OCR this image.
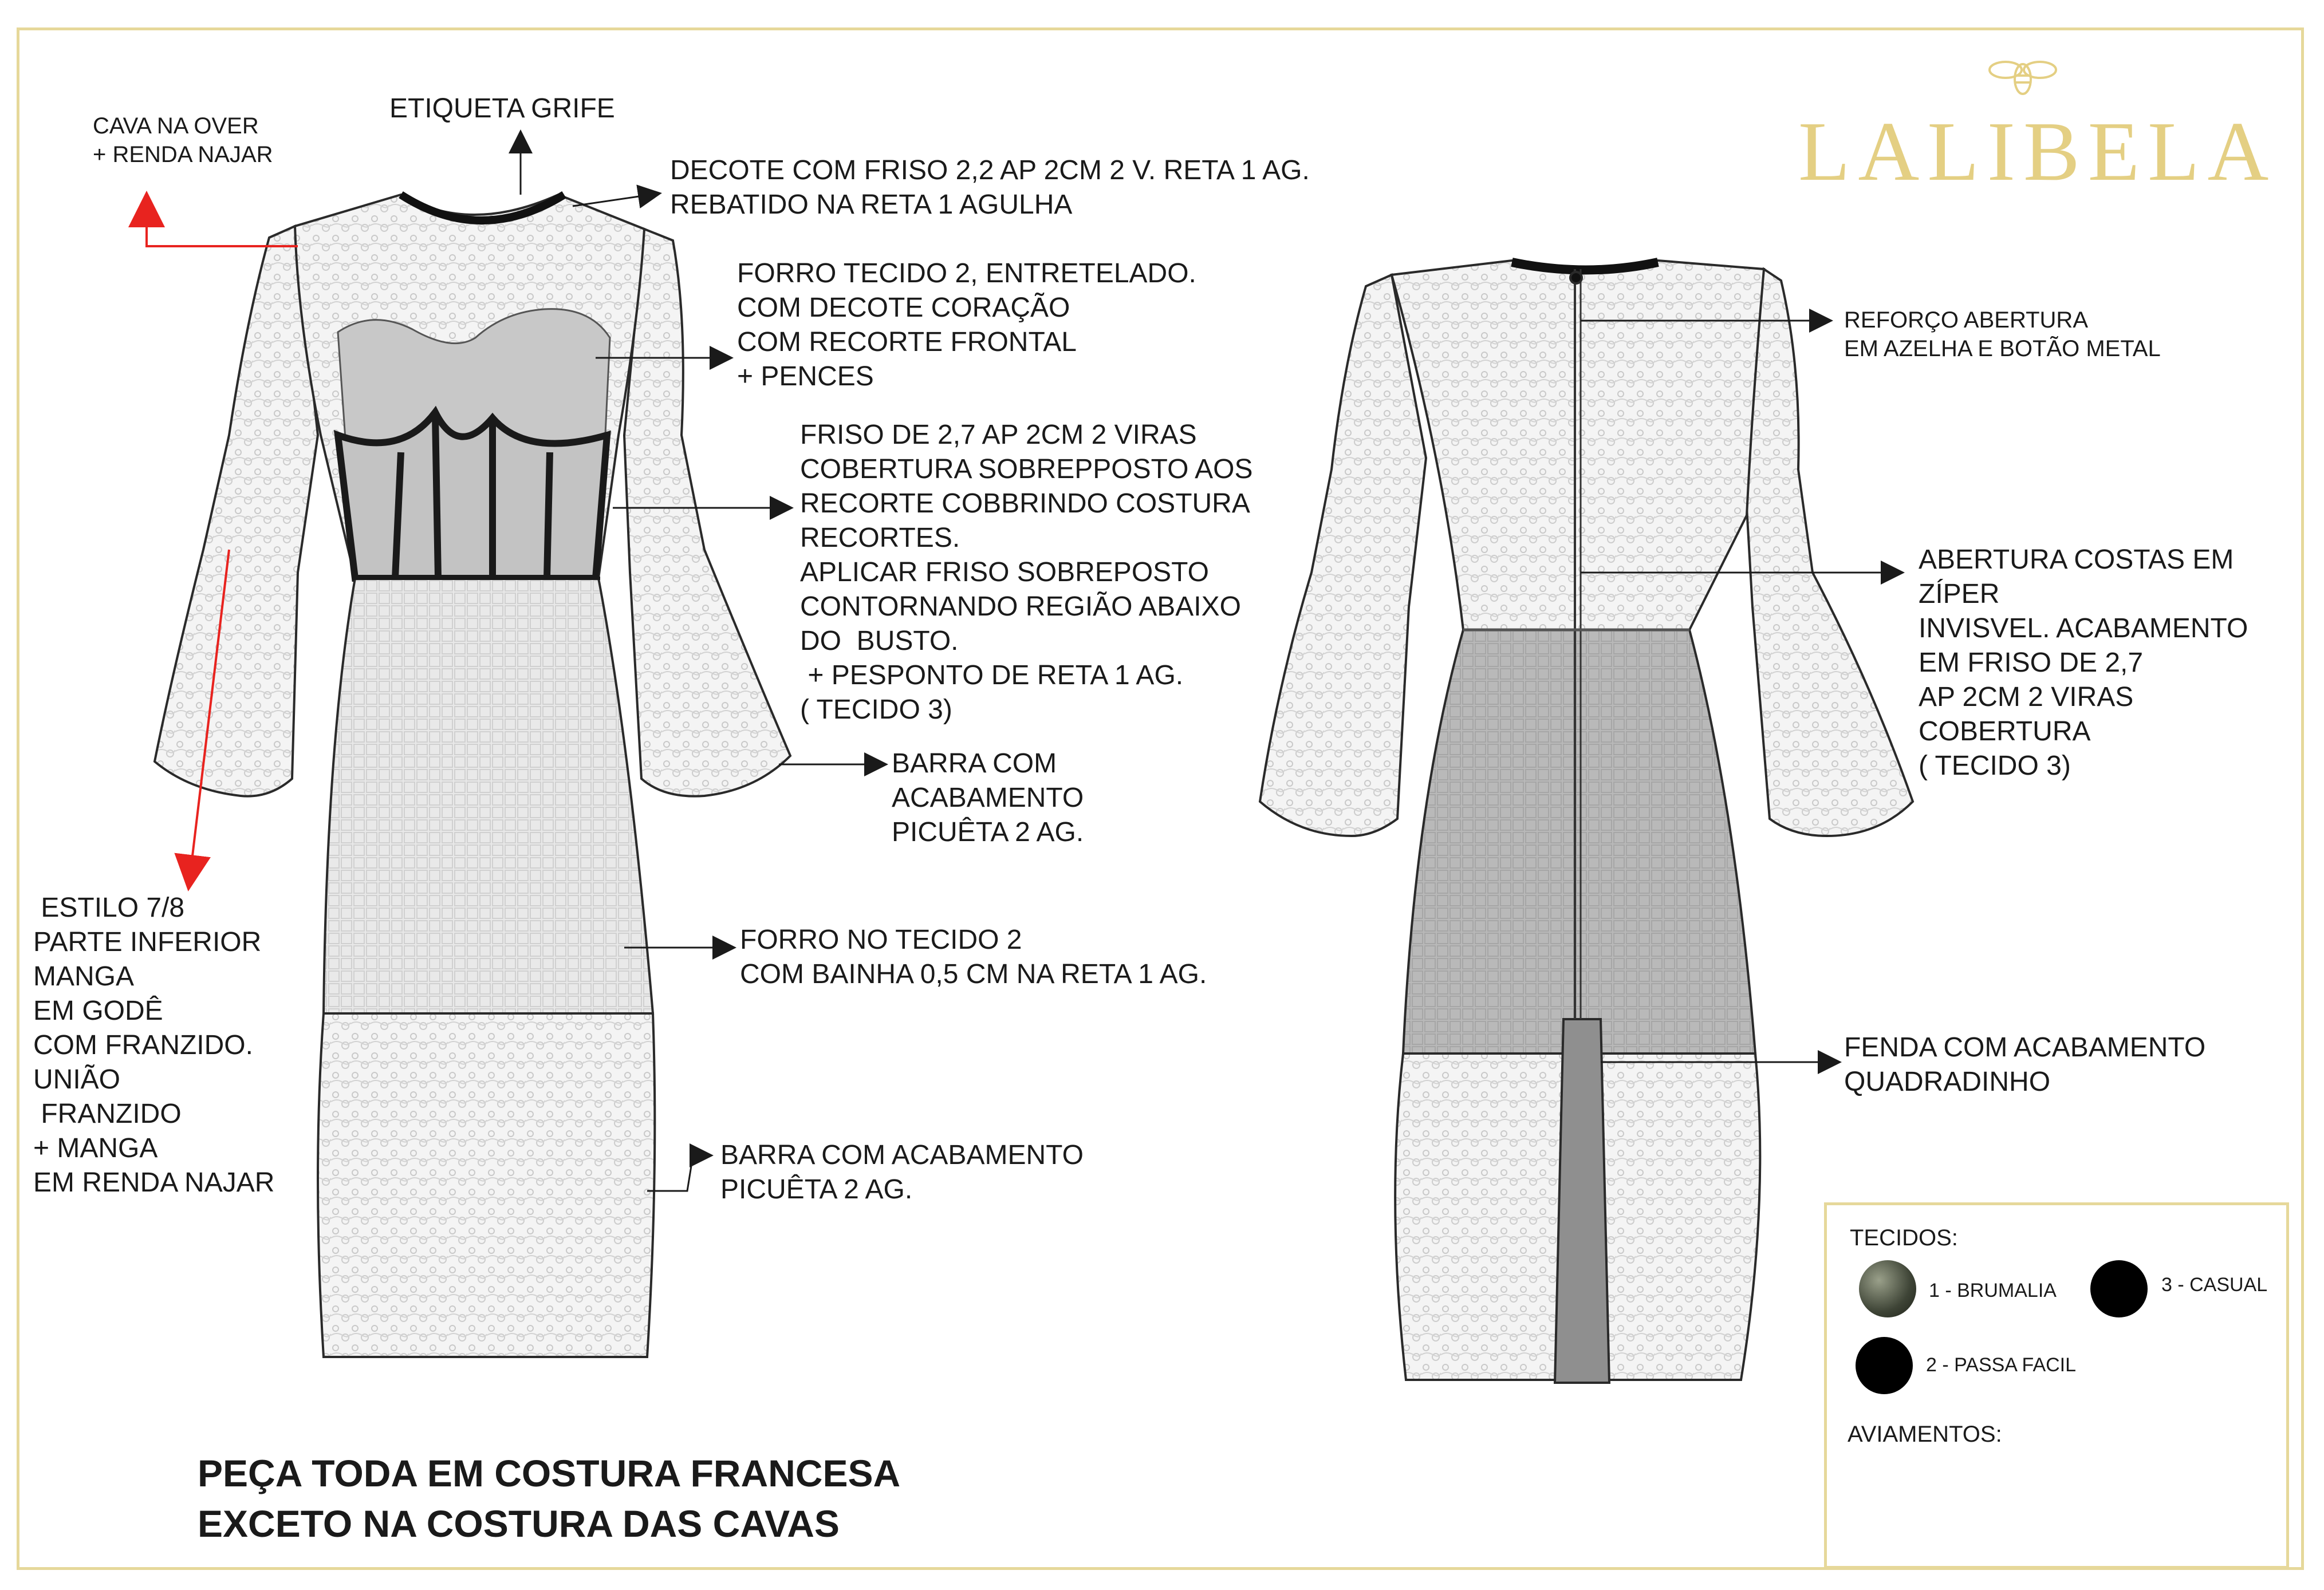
LALIBELA
CAVA NA OVER
+ RENDA NAJAR
ETIQUETA GRIFE
DECOTE COM FRISO 2,2 AP 2CM 2 V. RETA 1 AG.
REBATIDO NA RETA 1 AGULHA
FORRO TECIDO 2, ENTRETELADO.
COM DECOTE CORAÇÃO
COM RECORTE FRONTAL
+ PENCES
FRISO DE 2,7 AP 2CM 2 VIRAS
COBERTURA SOBREPPOSTO AOS
RECORTE COBBRINDO COSTURA
RECORTES.
APLICAR FRISO SOBREPOSTO
CONTORNANDO REGIÃO ABAIXO
DO  BUSTO.
+ PESPONTO DE RETA 1 AG.
( TECIDO 3)
BARRA COM
ACABAMENTO
PICUÊTA 2 AG.
ESTILO 7/8
PARTE INFERIOR
MANGA
EM GODÊ
COM FRANZIDO.
UNIÃO
FRANZIDO
+ MANGA
EM RENDA NAJAR
FORRO NO TECIDO 2
COM BAINHA 0,5 CM NA RETA 1 AG.
BARRA COM ACABAMENTO
PICUÊTA 2 AG.
REFORÇO ABERTURA
EM AZELHA E BOTÃO METAL
ABERTURA COSTAS EM
ZÍPER
INVISVEL. ACABAMENTO
EM FRISO DE 2,7
AP 2CM 2 VIRAS
COBERTURA
( TECIDO 3)
FENDA COM ACABAMENTO
QUADRADINHO
PEÇA TODA EM COSTURA FRANCESA
EXCETO NA COSTURA DAS CAVAS
TECIDOS:
1 - BRUMALIA
2 - PASSA FACIL
3 - CASUAL
AVIAMENTOS:
